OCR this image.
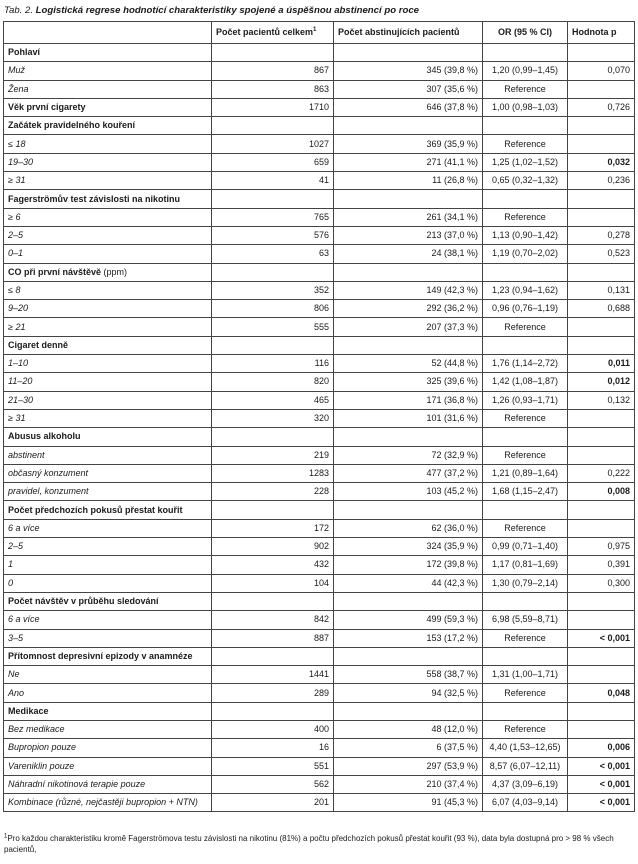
Tab. 2. Logistická regrese hodnotící charakteristiky spojené a úspěšnou abstinencí po roce
	Počet pacientů celkem$^1$	Počet abstinujících pacientů	OR (95 % CI)	Hodnota p
Pohlaví				
Muž	867	345 (39,8 %)	1,20 (0,99–1,45)	0,070
Žena	863	307 (35,6 %)	Reference	
Věk první cigarety	1710	646 (37,8 %)	1,00 (0,98–1,03)	0,726
Začátek pravidelného kouření				
≤ 18	1027	369 (35,9 %)	Reference	
19–30	659	271 (41,1 %)	1,25 (1,02–1,52)	0,032
≥ 31	41	11 (26,8 %)	0,65 (0,32–1,32)	0,236
Fagerströmův test závislosti na nikotinu				
≥ 6	765	261 (34,1 %)	Reference	
2–5	576	213 (37,0 %)	1,13 (0,90–1,42)	0,278
0–1	63	24 (38,1 %)	1,19 (0,70–2,02)	0,523
CO při první návštěvě (ppm)				
≤ 8	352	149 (42,3 %)	1,23 (0,94–1,62)	0,131
9–20	806	292 (36,2 %)	0,96 (0,76–1,19)	0,688
≥ 21	555	207 (37,3 %)	Reference	
Cigaret denně				
1–10	116	52 (44,8 %)	1,76 (1,14–2,72)	0,011
11–20	820	325 (39,6 %)	1,42 (1,08–1,87)	0,012
21–30	465	171 (36,8 %)	1,26 (0,93–1,71)	0,132
≥ 31	320	101 (31,6 %)	Reference	
Abusus alkoholu				
abstinent	219	72 (32,9 %)	Reference	
občasný konzument	1283	477 (37,2 %)	1,21 (0,89–1,64)	0,222
pravidel, konzument	228	103 (45,2 %)	1,68 (1,15–2,47)	0,008
Počet předchozích pokusů přestat kouřit				
6 a více	172	62 (36,0 %)	Reference	
2–5	902	324 (35,9 %)	0,99 (0,71–1,40)	0,975
1	432	172 (39,8 %)	1,17 (0,81–1,69)	0,391
0	104	44 (42,3 %)	1,30 (0,79–2,14)	0,300
Počet návštěv v průběhu sledování				
6 a více	842	499 (59,3 %)	6,98 (5,59–8,71)	
3–5	887	153 (17,2 %)	Reference	< 0,001
Přítomnost depresivní epizody v anamnéze				
Ne	1441	558 (38,7 %)	1,31 (1,00–1,71)	
Ano	289	94 (32,5 %)	Reference	0,048
Medikace				
Bez medikace	400	48 (12,0 %)	Reference	
Bupropion pouze	16	6 (37,5 %)	4,40 (1,53–12,65)	0,006
Vareniklin pouze	551	297 (53,9 %)	8,57 (6,07–12,11)	< 0,001
Náhradní nikotinová terapie pouze	562	210 (37,4 %)	4,37 (3,09–6,19)	< 0,001
Kombinace (různé, nejčastěji bupropion + NTN)	201	91 (45,3 %)	6,07 (4,03–9,14)	< 0,001
$^1$Pro každou charakteristiku kromě Fagerströmova testu závislosti na nikotinu (81%) a počtu předchozích pokusů přestat kouřit (93 %), data byla dostupná pro > 98 % všech pacientů,
